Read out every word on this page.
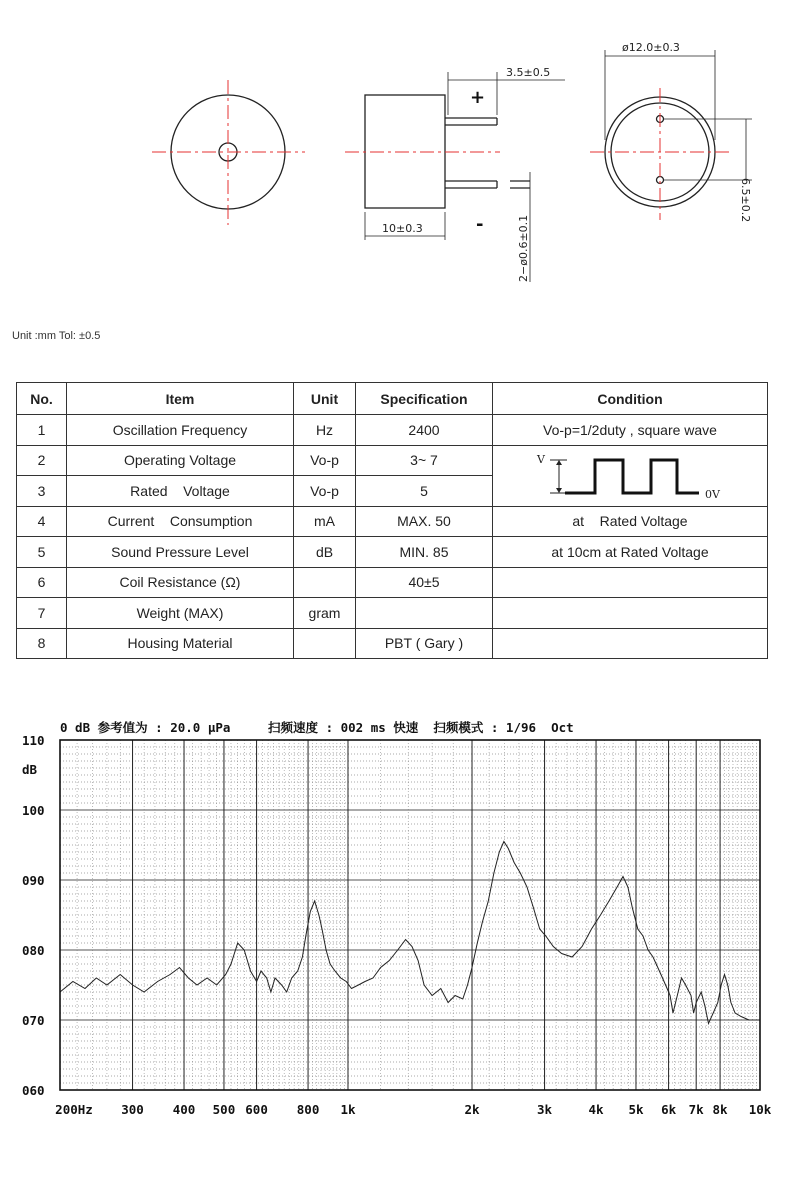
3.5±0.5
10±0.3	2−ø0.6±0.1
+
-
ø12.0±0.3
6.5±0.2
Unit :mm Tol: ±0.5
No.	Item	Unit	Specification	Condition
1	Oscillation Frequency	Hz	2400	Vo-p=1/2duty , square wave
2	Operating Voltage	Vo-p	3~ 7	V
0V

3	Rated    Voltage	Vo-p	5	
4	Current    Consumption	mA	MAX. 50	at    Rated Voltage
5	Sound Pressure Level	dB	MIN. 85	at 10cm at Rated Voltage
6	Coil Resistance (Ω)		40±5	
7	Weight (MAX)	gram		
8	Housing Material		PBT ( Gary )	
0 dB 参考值为 : 20.0 µPa     扫频速度 : 002 ms 快速  扫频模式 : 1/96  Oct
dB
060
070
080
090
100
110
200Hz 300 400 500 600 800 1k	2k	3k	4k 5k 6k 7k 8k 10k
